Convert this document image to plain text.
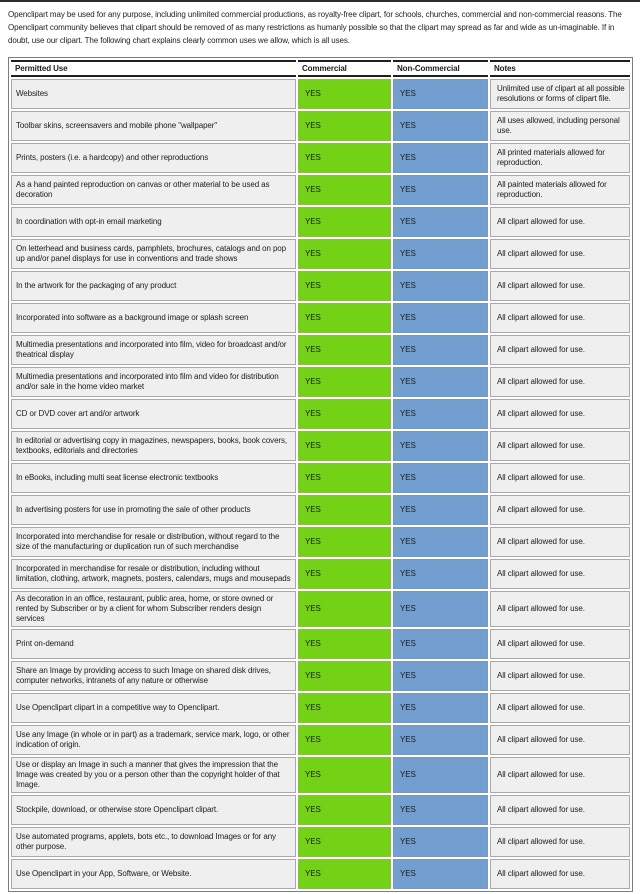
Openclipart may be used for any purpose, including unlimited commercial productions, as royalty-free clipart, for schools, churches, commercial and non-commercial reasons. The Openclipart community believes that clipart should be removed of as many restrictions as humanly possible so that the clipart may spread as far and wide as un-imaginable. If in doubt, use our clipart. The following chart explains clearly common uses we allow, which is all uses.

Permitted Use	Commercial	Non-Commercial	Notes
Websites	YES	YES	Unlimited use of clipart at all possible resolutions or forms of clipart file.
Toolbar skins, screensavers and mobile phone "wallpaper"	YES	YES	All uses allowed, including personal use.
Prints, posters (i.e. a hardcopy) and other reproductions	YES	YES	All printed materials allowed for reproduction.
As a hand painted reproduction on canvas or other material to be used as decoration	YES	YES	All painted materials allowed for reproduction.
In coordination with opt-in email marketing	YES	YES	All clipart allowed for use.
On letterhead and business cards, pamphlets, brochures, catalogs and on pop up and/or panel displays for use in conventions and trade shows	YES	YES	All clipart allowed for use.
In the artwork for the packaging of any product	YES	YES	All clipart allowed for use.
Incorporated into software as a background image or splash screen	YES	YES	All clipart allowed for use.
Multimedia presentations and incorporated into film, video for broadcast and/or theatrical display	YES	YES	All clipart allowed for use.
Multimedia presentations and incorporated into film and video for distribution and/or sale in the home video market	YES	YES	All clipart allowed for use.
CD or DVD cover art and/or artwork	YES	YES	All clipart allowed for use.
In editorial or advertising copy in magazines, newspapers, books, book covers, textbooks, editorials and directories	YES	YES	All clipart allowed for use.
In eBooks, including multi seat license electronic textbooks	YES	YES	All clipart allowed for use.
In advertising posters for use in promoting the sale of other products	YES	YES	All clipart allowed for use.
Incorporated into merchandise for resale or distribution, without regard to the size of the manufacturing or duplication run of such merchandise	YES	YES	All clipart allowed for use.
Incorporated in merchandise for resale or distribution, including without limitation, clothing, artwork, magnets, posters, calendars, mugs and mousepads	YES	YES	All clipart allowed for use.
As decoration in an office, restaurant, public area, home, or store owned or rented by Subscriber or by a client for whom Subscriber renders design services	YES	YES	All clipart allowed for use.
Print on-demand	YES	YES	All clipart allowed for use.
Share an Image by providing access to such Image on shared disk drives, computer networks, intranets of any nature or otherwise	YES	YES	All clipart allowed for use.
Use Openclipart clipart in a competitive way to Openclipart.	YES	YES	All clipart allowed for use.
Use any Image (in whole or in part) as a trademark, service mark, logo, or other indication of origin.	YES	YES	All clipart allowed for use.
Use or display an Image in such a manner that gives the impression that the Image was created by you or a person other than the copyright holder of that Image.	YES	YES	All clipart allowed for use.
Stockpile, download, or otherwise store Openclipart clipart.	YES	YES	All clipart allowed for use.
Use automated programs, applets, bots etc., to download Images or for any other purpose.	YES	YES	All clipart allowed for use.
Use Openclipart in your App, Software, or Website.	YES	YES	All clipart allowed for use.
